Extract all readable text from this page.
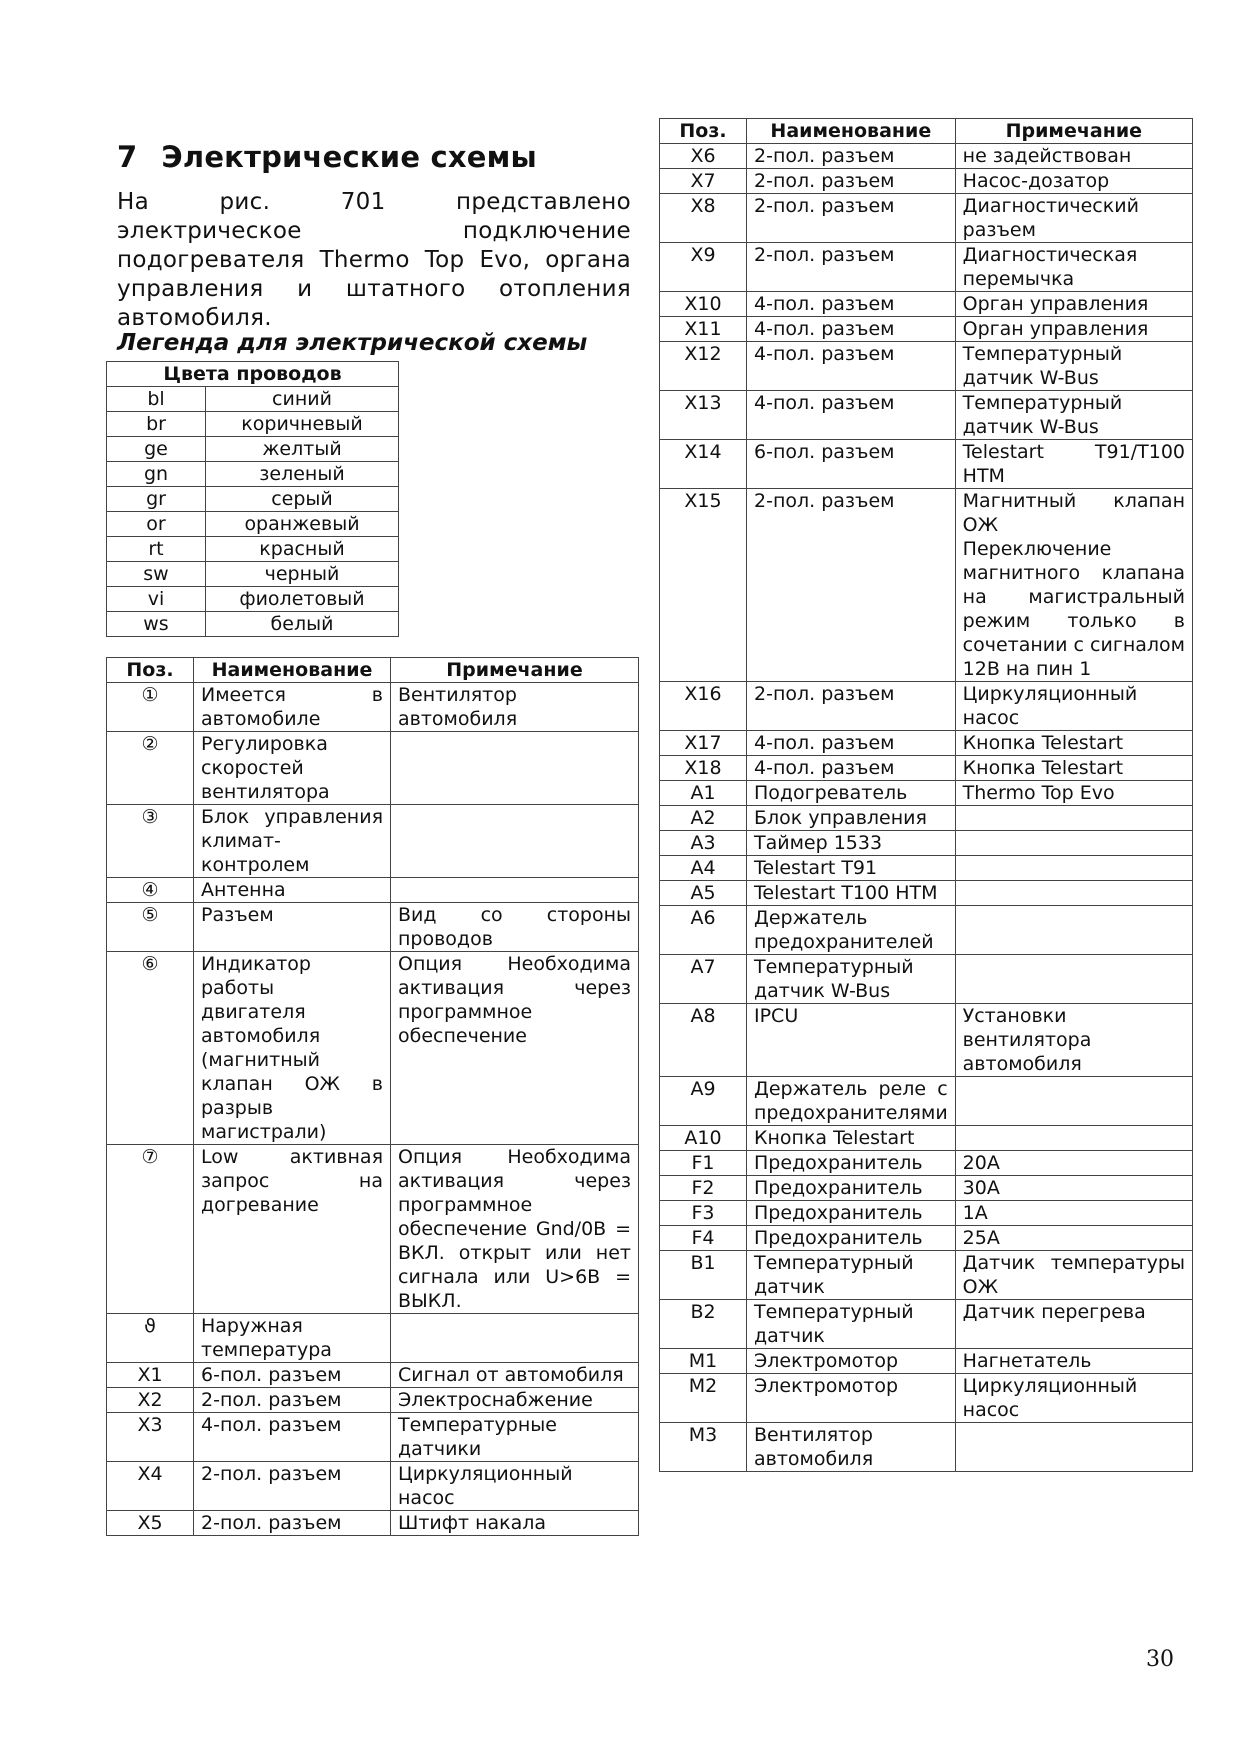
7 Электрические схемы

На рис. 701 представлено электрическое подключение подогревателя Thermo Top Evo, органа управления и штатного отопления автомобиля.

Легенда для электрической схемы
Цвета проводов	
bl	синий
br	коричневый
ge	желтый
gn	зеленый
gr	серый
or	оранжевый
rt	красный
sw	черный
vi	фиолетовый
ws	белый
Поз.	Наименование	Примечание
①	Имеется в автомобиле	Вентилятор автомобиля

②	Регулировка скоростей вентилятора	

③	Блок управления климат-контролем	

④	Антенна	

⑤	Разъем	Вид со стороны проводов

⑥	Индикатор работы двигателя автомобиля (магнитный клапан ОЖ в разрыв магистрали)	Опция Необходима активация через программное обеспечение

⑦	Low активная запрос на догревание	Опция Необходима активация через программное обеспечение Gnd/0В = ВКЛ. открыт или нет сигнала или U>6В = ВЫКЛ.

ϑ	Наружная температура	

X1	6-пол. разъем	Сигнал от автомобиля

X2	2-пол. разъем	Электроснабжение

X3	4-пол. разъем	Температурные датчики

X4	2-пол. разъем	Циркуляционный насос

X5	2-пол. разъем	Штифт накала
Поз.	Наименование	Примечание
X6	2-пол. разъем	не задействован

X7	2-пол. разъем	Насос-дозатор

X8	2-пол. разъем	Диагностический разъем

X9	2-пол. разъем	Диагностическая перемычка

X10	4-пол. разъем	Орган управления

X11	4-пол. разъем	Орган управления

X12	4-пол. разъем	Температурный датчик W-Bus

X13	4-пол. разъем	Температурный датчик W-Bus

X14	6-пол. разъем	Telestart T91/T100 HTM

X15	2-пол. разъем	Магнитный клапан ОЖ
Переключение магнитного клапана на магистральный режим только в сочетании с сигналом 12В на пин 1

X16	2-пол. разъем	Циркуляционный насос

X17	4-пол. разъем	Кнопка Telestart

X18	4-пол. разъем	Кнопка Telestart

A1	Подогреватель	Thermo Top Evo

A2	Блок управления	

A3	Таймер 1533	

A4	Telestart T91	

A5	Telestart T100 HTM	

A6	Держатель предохранителей	

A7	Температурный датчик W-Bus	

A8	IPCU	Установки вентилятора автомобиля

A9	Держатель реле с предохранителями	

A10	Кнопка Telestart	

F1	Предохранитель	20A

F2	Предохранитель	30A

F3	Предохранитель	1A

F4	Предохранитель	25A

B1	Температурный датчик	Датчик температуры ОЖ

B2	Температурный датчик	Датчик перегрева

M1	Электромотор	Нагнетатель

M2	Электромотор	Циркуляционный насос

M3	Вентилятор автомобиля	
30
